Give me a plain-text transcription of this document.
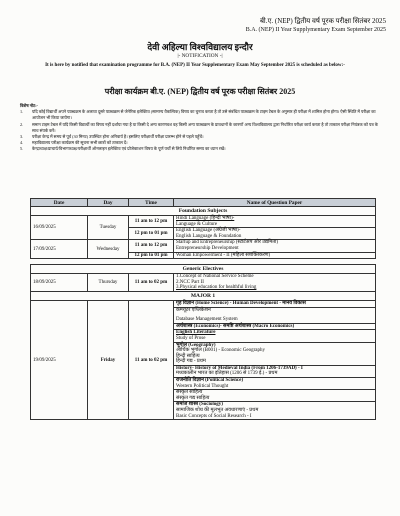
बी.ए. (NEP) द्वितीय वर्ष पूरक परीक्षा सितंबर 2025
B.A. (NEP) II Year Supplymentary Exam September 2025
देवी अहिल्या विश्वविद्यालय इन्दौर
|- NOTIFICATION -|
It is here by notified that examination programme for B.A. (NEP) II Year Supplementary Exam May September 2025 is scheduled as below:-
परीक्षा कार्यक्रम बी.ए. (NEP) द्वितीय वर्ष पूरक परीक्षा सितंबर 2025
विशेष नोट:-
1.	यदि कोई विद्यार्थी अपने पाठ्यक्रम के अलावा दूसरे पाठ्यक्रम से जेनेरिक इलेक्टिव (सामान्य वैकल्पिक) विषय का चुनाव करता है तो उसे संबंधित पाठ्यक्रम के टाइम टेबल के अनुसार ही परीक्षा में शामिल होना होगा। ऐसी स्थिति में परीक्षा का आयोजन भी किया जायेगा।
2.	समान टाइम टेबल में यदि किसी विद्यार्थी का विषय नहीं दर्शाया गया है या किसी दे अन्य कारणवश वह किसी अन्य पाठ्यक्रम के प्रावधानों के कारणों अन्य विश्वविद्यालय द्वारा निर्धारित परीक्षा कार्य करता है तो तत्काल परीक्षा नियंत्रक को पत्र के साथ संपर्क करें।
3.	परीक्षा केन्द्र में समय से पूर्व (30 मिनट) उपस्थित होना अनिवार्य है। इसलिए परीक्षार्थी परीक्षा प्रारम्भ होने से पहले पहुँचें।
4.	महाविद्यालय परीक्षा कार्यक्रम की सूचना सभी छात्रों को तत्काल दें।
5.	केन्द्राध्यक्ष/प्राचार्य/विभागाध्यक्ष/परीक्षार्थी ऑनलाइन इलेक्टिव एवं प्रोजेक्टशन विषय के पूर्ण पर्चों से लिये निर्धारित समय का ध्यान रखें।
Date	Day	Time	Name of Question Paper
Foundation Subjects			
16/09/2025	Tuesday	11 am to 12 pm	Hindi Language (हिन्दी भाषा)-
Language & Culture

		12 pm to 01 pm	English Language (अंग्रेजी भाषा)-
English Language & Foundation

17/09/2025	Wednesday	11 am to 12 pm	Startup and Entrepreneurship (स्टार्टअप और उद्यमिता)
Entrepreneurship Development

		12 pm to 01 pm	Woman Empowerment - II (महिला सशक्तिकरण)

Generic Electives			
18/09/2025	Thursday	11 am to 02 pm	1.Concept of National Service Scheme
2.NCC Part II
3.Physical education for healthful living

MAJOR 1			
19/09/2025	Friday	11 am to 02 pm	गृह विज्ञान (Home Science) - Human Development - मानव विकास

			कम्प्यूटर एप्लिकेशन
Database Management System

			अर्थशास्त्र (Economics)- समष्टि अर्थशास्त्र (Macro Economics)

			English Literature
Study of Prose

			भूगोल (Geography)
आर्थिक भूगोल (B001) - Economic Geography
हिन्दी साहित्य
हिन्दी गद्य - प्रथम

			History- History of Medieval India (From 1206-1739AD) - I
मध्यकालीन भारत का इतिहास (1206 से 1739 ई.) - प्रथम

			राजनीति विज्ञान (Political Science)
Western Political Thought

			संस्कृत साहित्य
संस्कृत गद्य साहित्य

			समाज शास्त्र (Sociology)
सामाजिक शोध की मूलभूत अवधारणाएं - प्रथम
Basic Concepts of Social Research - I
